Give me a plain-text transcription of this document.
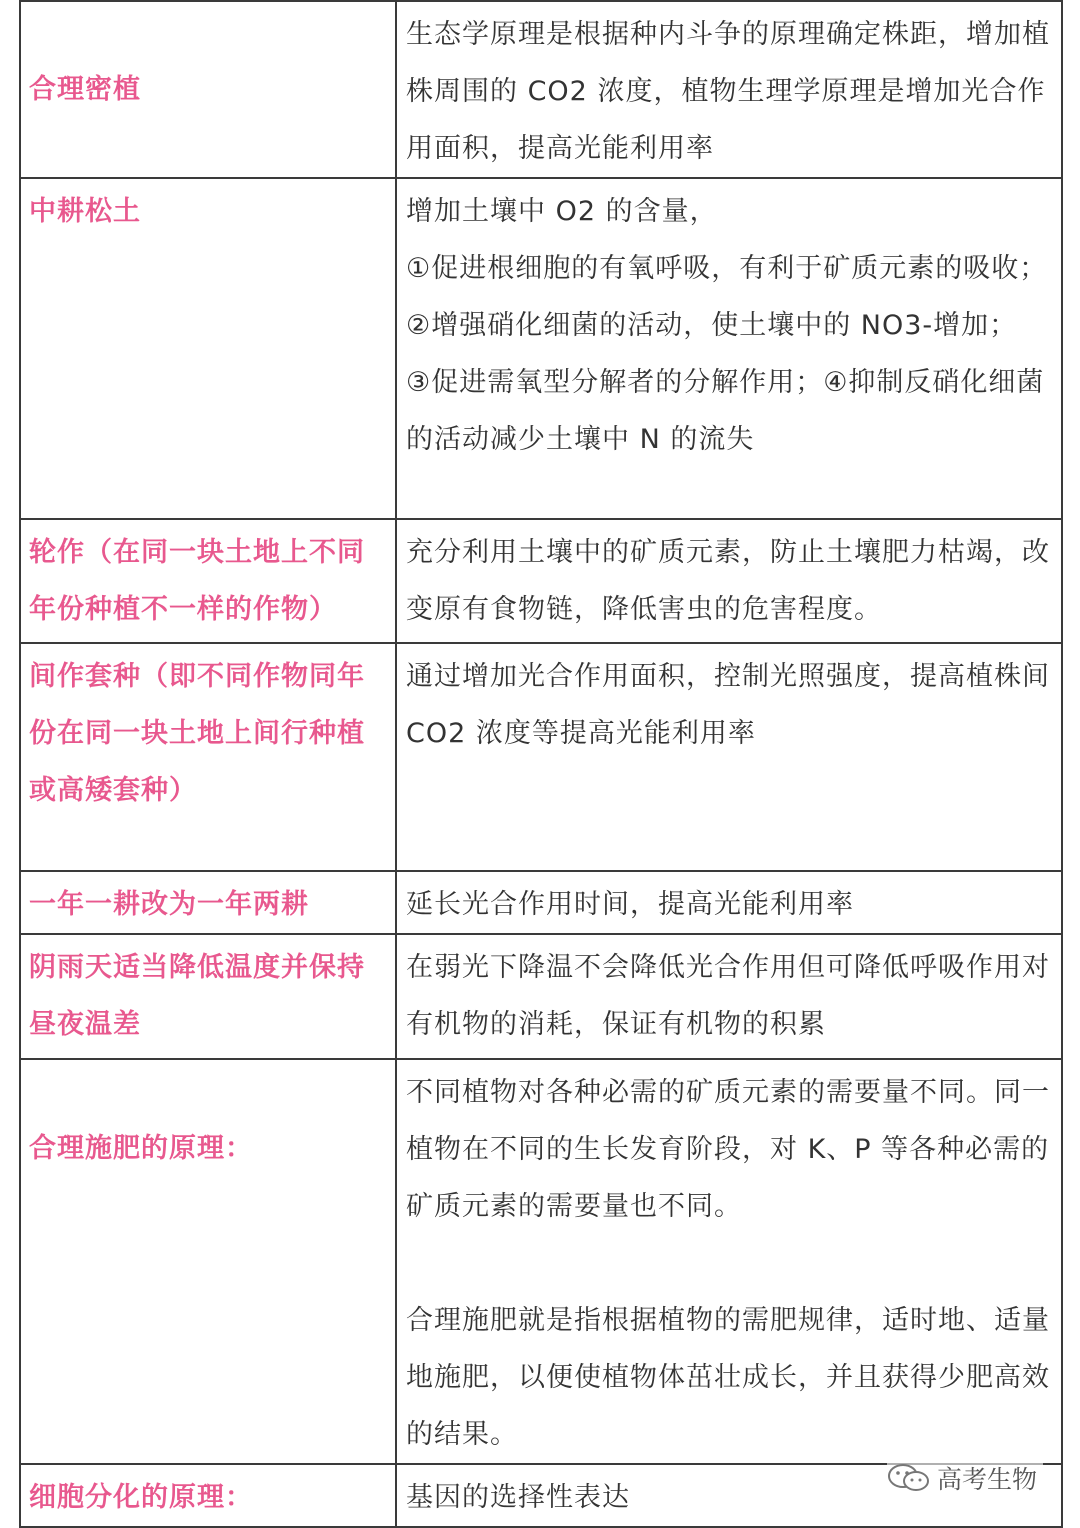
合理密植	生态学原理是根据种内斗争的原理确定株距，增加植株周围的 CO2 浓度，植物生理学原理是增加光合作用面积，提高光能利用率

中耕松土	增加土壤中 O2 的含量，
①促进根细胞的有氧呼吸，有利于矿质元素的吸收；
②增强硝化细菌的活动，使土壤中的 NO3-增加；
③促进需氧型分解者的分解作用；④抑制反硝化细菌的活动减少土壤中 N 的流失

轮作（在同一块土地上不同年份种植不一样的作物）	充分利用土壤中的矿质元素，防止土壤肥力枯竭，改变原有食物链，降低害虫的危害程度。

间作套种（即不同作物同年份在同一块土地上间行种植或高矮套种）	通过增加光合作用面积，控制光照强度，提高植株间 CO2 浓度等提高光能利用率

一年一耕改为一年两耕	延长光合作用时间，提高光能利用率

阴雨天适当降低温度并保持昼夜温差	在弱光下降温不会降低光合作用但可降低呼吸作用对有机物的消耗，保证有机物的积累

合理施肥的原理：	不同植物对各种必需的矿质元素的需要量不同。同一植物在不同的生长发育阶段，对 K、P 等各种必需的矿质元素的需要量也不同。
合理施肥就是指根据植物的需肥规律，适时地、适量地施肥，以便使植物体茁壮成长，并且获得少肥高效的结果。

细胞分化的原理：	基因的选择性表达
高考生物
